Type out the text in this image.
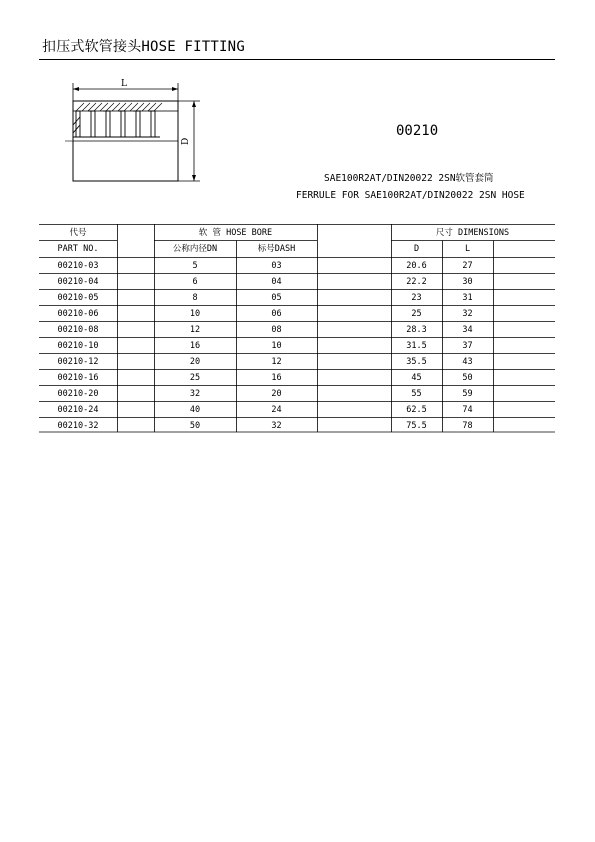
扣压式软管接头HOSE FITTING
L
D
00210
SAE100R2AT/DIN20022 2SN软管套筒
FERRULE FOR SAE100R2AT/DIN20022 2SN HOSE
代号	软 管 HOSE BORE	尺寸 DIMENSIONS
PART NO.	公称内径DN	标号DASH	D	L
00210-03	5	03	20.6	27
00210-04	6	04	22.2	30
00210-05	8	05	23	31
00210-06	10	06	25	32
00210-08	12	08	28.3	34
00210-10	16	10	31.5	37
00210-12	20	12	35.5	43
00210-16	25	16	45	50
00210-20	32	20	55	59
00210-24	40	24	62.5	74
00210-32	50	32	75.5	78
